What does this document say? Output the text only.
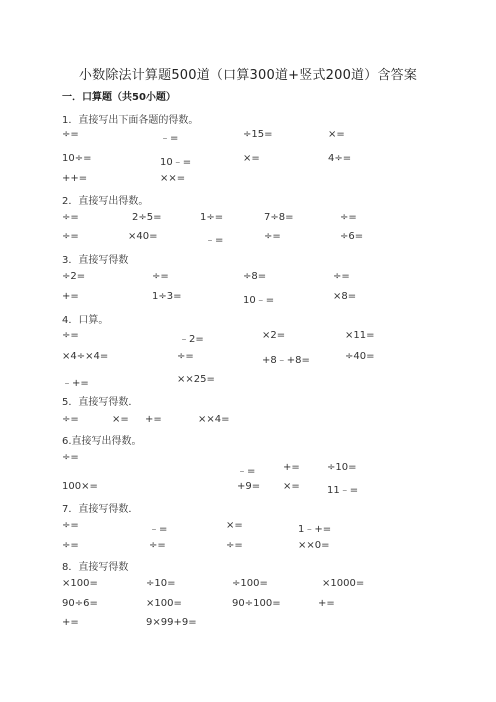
小数除法计算题500道（口算300道+竖式200道）含答案
一．口算题（共50小题）
1．直接写出下面各题的得数。
÷=	﹣=	÷15=	×=
10÷=	10﹣=	×=	4÷=
++=	××=
2．直接写出得数。
÷=	2÷5=	1÷=	7÷8=	÷=
÷=	×40=	﹣=	÷=	÷6=
3．直接写得数
÷2=	÷=	÷8=	÷=
+=	1÷3=	10﹣=	×8=
4．口算。
÷=	﹣2=	×2=	×11=
×4÷×4=	÷=	+8﹣+8=	÷40=
﹣+=	××25=
5．直接写得数．
÷=	×= +=	××4=
6.直接写出得数。
÷=
﹣=	+=	÷10=
100×=	+9= ×=	11﹣=
7．直接写得数．
÷=	﹣=	×=	1﹣+=
÷=	÷=	÷=	××0=
8．直接写得数
×100=	÷10=	÷100=	×1000=
90÷6=	×100=	90÷100=	+=
+=	9×99+9=
